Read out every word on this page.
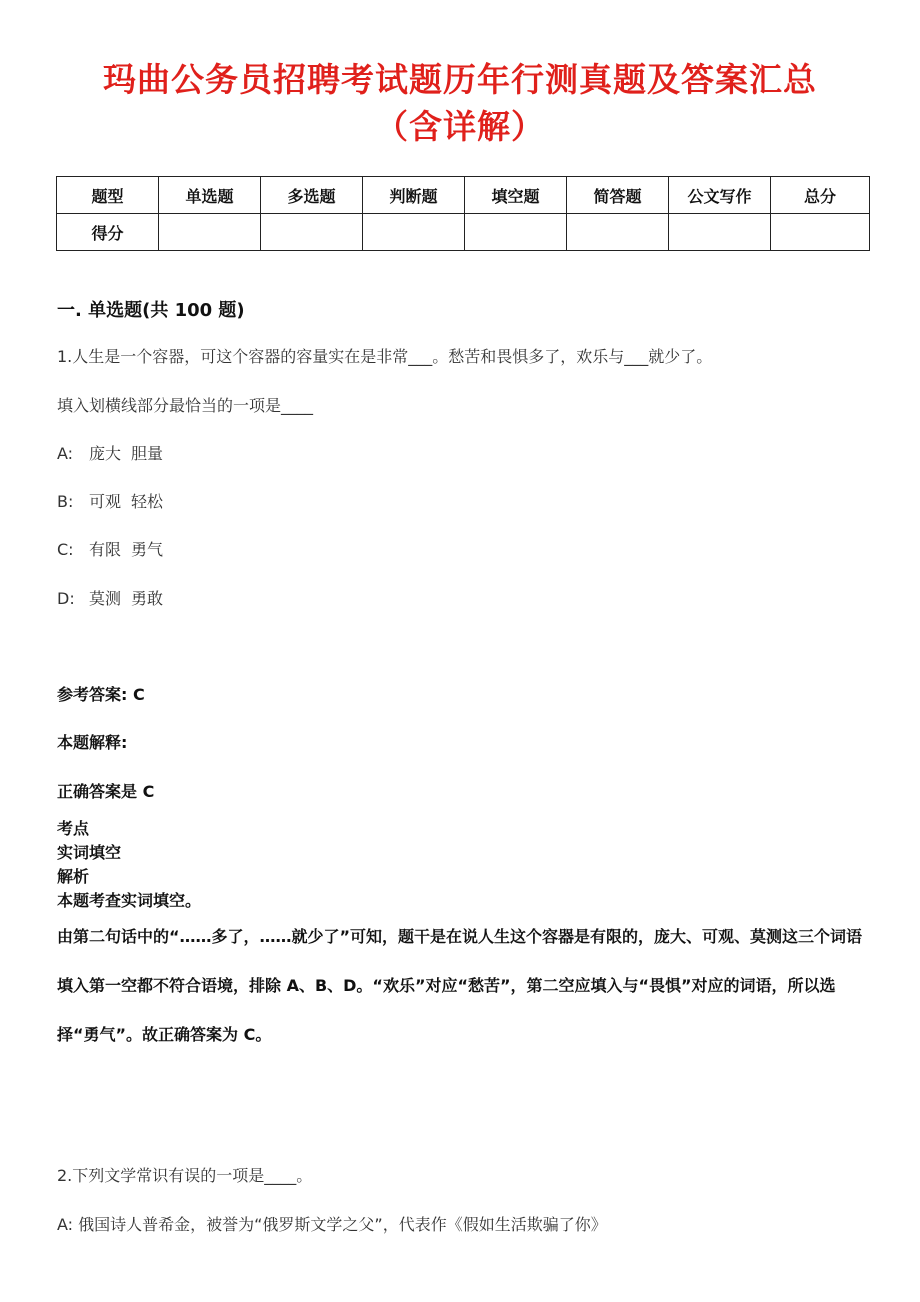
玛曲公务员招聘考试题历年行测真题及答案汇总
（含详解）
题型	单选题	多选题	判断题	填空题	简答题	公文写作	总分
得分							
一. 单选题(共 100 题)
1.人生是一个容器，可这个容器的容量实在是非常___。愁苦和畏惧多了，欢乐与___就少了。
填入划横线部分最恰当的一项是____
A: 庞大 胆量
B: 可观 轻松
C: 有限 勇气
D: 莫测 勇敢
参考答案: C
本题解释:
正确答案是 C
考点
实词填空
解析
本题考查实词填空。
由第二句话中的“……多了，……就少了”可知，题干是在说人生这个容器是有限的，庞大、可观、莫测这三个词语填入第一空都不符合语境，排除 A、B、D。“欢乐”对应“愁苦”，第二空应填入与“畏惧”对应的词语，所以选择“勇气”。故正确答案为 C。
2.下列文学常识有误的一项是____。
A: 俄国诗人普希金，被誉为“俄罗斯文学之父”，代表作《假如生活欺骗了你》
